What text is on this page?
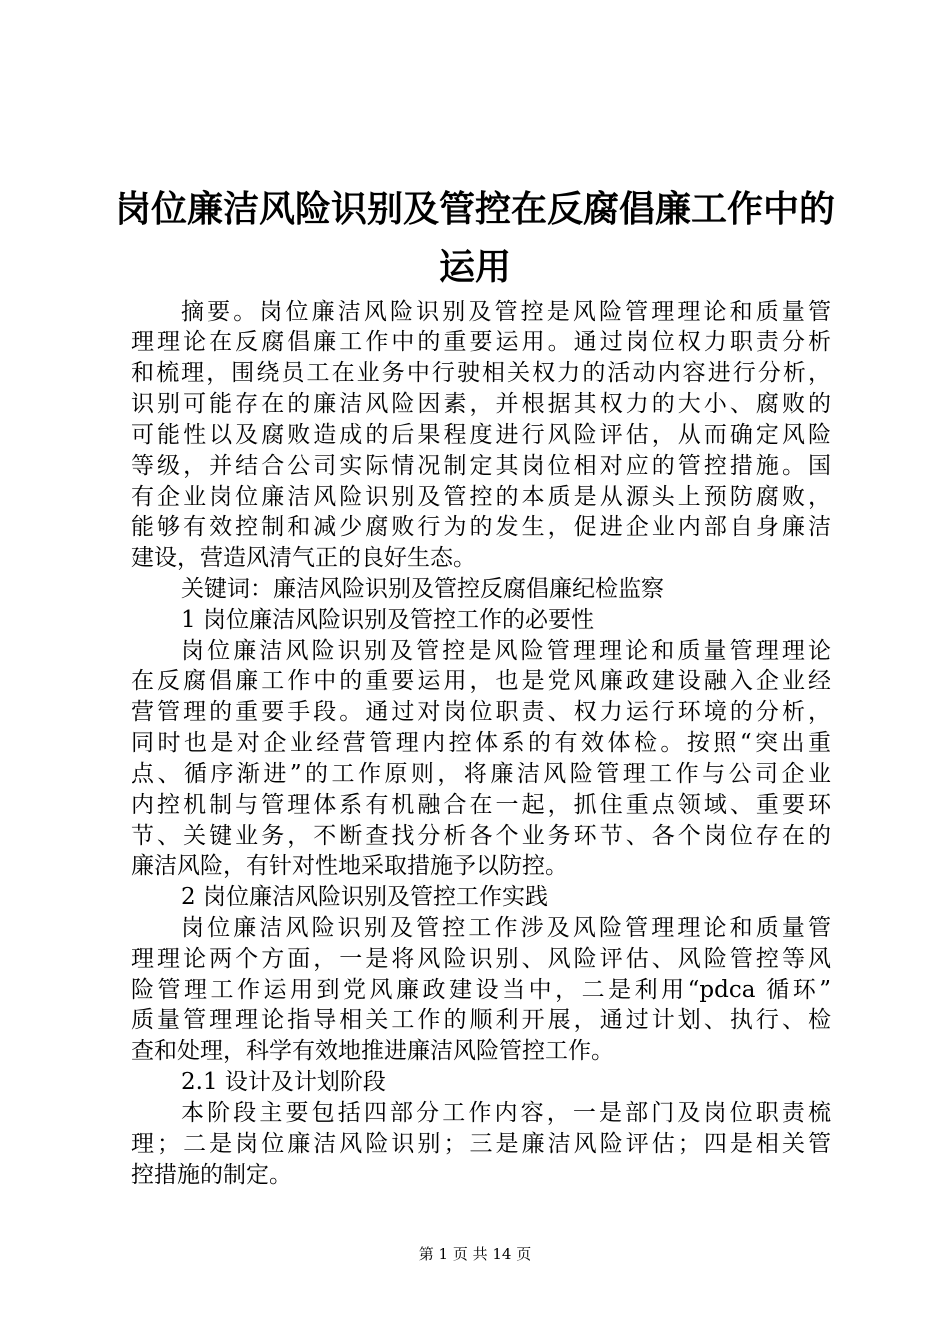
岗位廉洁风险识别及管控在反腐倡廉工作中的
运用
摘要。岗位廉洁风险识别及管控是风险管理理论和质量管
理理论在反腐倡廉工作中的重要运用。通过岗位权力职责分析
和梳理，围绕员工在业务中行驶相关权力的活动内容进行分析，
识别可能存在的廉洁风险因素，并根据其权力的大小、腐败的
可能性以及腐败造成的后果程度进行风险评估，从而确定风险
等级，并结合公司实际情况制定其岗位相对应的管控措施。国
有企业岗位廉洁风险识别及管控的本质是从源头上预防腐败，
能够有效控制和减少腐败行为的发生，促进企业内部自身廉洁
建设，营造风清气正的良好生态。
关键词：廉洁风险识别及管控反腐倡廉纪检监察
1 岗位廉洁风险识别及管控工作的必要性
岗位廉洁风险识别及管控是风险管理理论和质量管理理论
在反腐倡廉工作中的重要运用，也是党风廉政建设融入企业经
营管理的重要手段。通过对岗位职责、权力运行环境的分析，
同时也是对企业经营管理内控体系的有效体检。按照“突出重
点、循序渐进”的工作原则，将廉洁风险管理工作与公司企业
内控机制与管理体系有机融合在一起，抓住重点领域、重要环
节、关键业务，不断查找分析各个业务环节、各个岗位存在的
廉洁风险，有针对性地采取措施予以防控。
2 岗位廉洁风险识别及管控工作实践
岗位廉洁风险识别及管控工作涉及风险管理理论和质量管
理理论两个方面，一是将风险识别、风险评估、风险管控等风
险管理工作运用到党风廉政建设当中，二是利用“pdca 循环”
质量管理理论指导相关工作的顺利开展，通过计划、执行、检
查和处理，科学有效地推进廉洁风险管控工作。
2.1 设计及计划阶段
本阶段主要包括四部分工作内容，一是部门及岗位职责梳
理；二是岗位廉洁风险识别；三是廉洁风险评估；四是相关管
控措施的制定。
第 1 页 共 14 页
